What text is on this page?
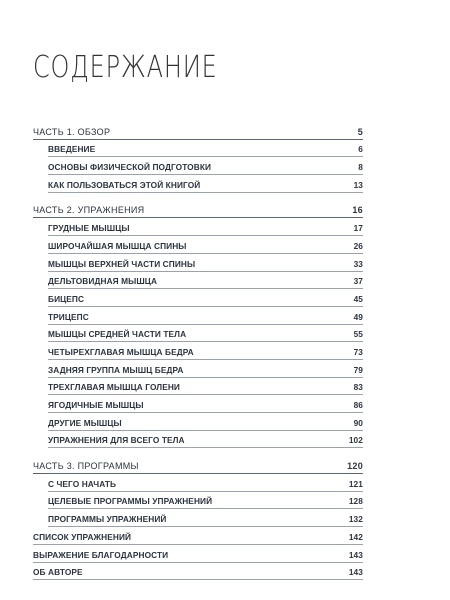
СОДЕРЖАНИЕ
ЧАСТЬ 1. ОБЗОР	5
ВВЕДЕНИЕ	6
ОСНОВЫ ФИЗИЧЕСКОЙ ПОДГОТОВКИ	8
КАК ПОЛЬЗОВАТЬСЯ ЭТОЙ КНИГОЙ	13
ЧАСТЬ 2. УПРАЖНЕНИЯ	16
ГРУДНЫЕ МЫШЦЫ	17
ШИРОЧАЙШАЯ МЫШЦА СПИНЫ	26
МЫШЦЫ ВЕРХНЕЙ ЧАСТИ СПИНЫ	33
ДЕЛЬТОВИДНАЯ МЫШЦА	37
БИЦЕПС	45
ТРИЦЕПС	49
МЫШЦЫ СРЕДНЕЙ ЧАСТИ ТЕЛА	55
ЧЕТЫРЕХГЛАВАЯ МЫШЦА БЕДРА	73
ЗАДНЯЯ ГРУППА МЫШЦ БЕДРА	79
ТРЕХГЛАВАЯ МЫШЦА ГОЛЕНИ	83
ЯГОДИЧНЫЕ МЫШЦЫ	86
ДРУГИЕ МЫШЦЫ	90
УПРАЖНЕНИЯ ДЛЯ ВСЕГО ТЕЛА	102
ЧАСТЬ 3. ПРОГРАММЫ	120
С ЧЕГО НАЧАТЬ	121
ЦЕЛЕВЫЕ ПРОГРАММЫ УПРАЖНЕНИЙ	128
ПРОГРАММЫ УПРАЖНЕНИЙ	132
СПИСОК УПРАЖНЕНИЙ	142
ВЫРАЖЕНИЕ БЛАГОДАРНОСТИ	143
ОБ АВТОРЕ	143
